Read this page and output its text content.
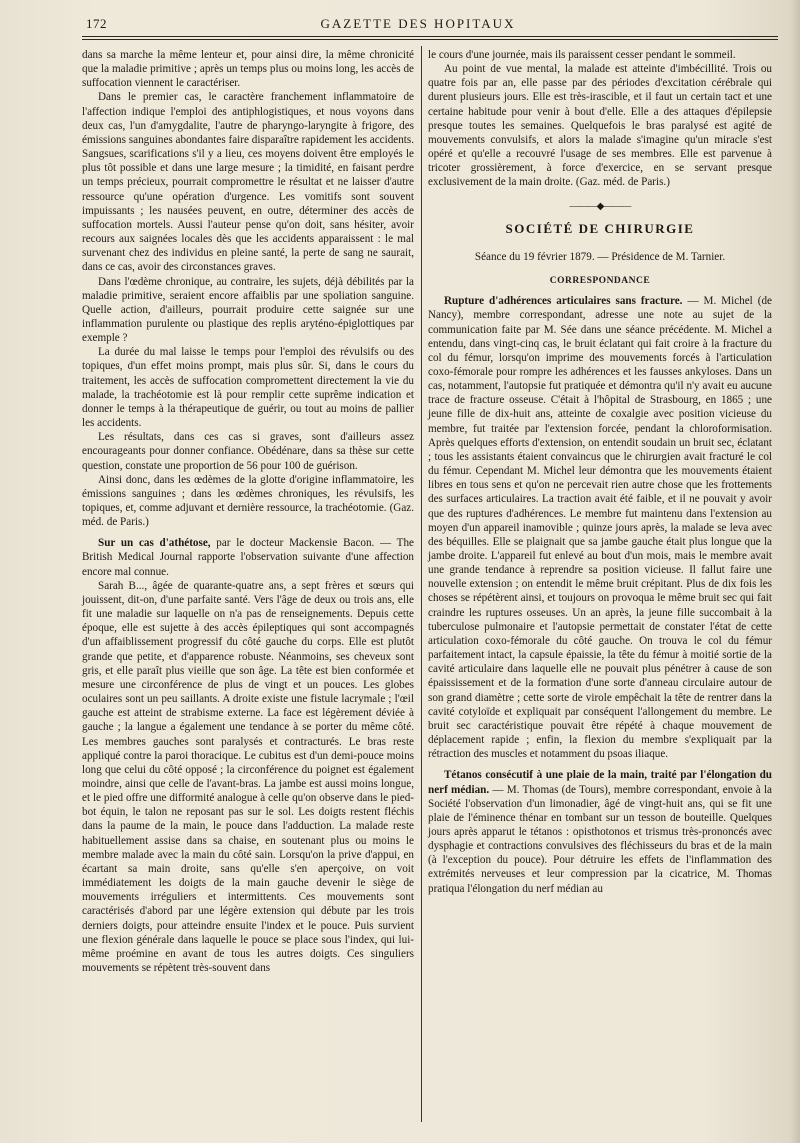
172	GAZETTE DES HOPITAUX

dans sa marche la même lenteur et, pour ainsi dire, la même chronicité que la maladie primitive ; après un temps plus ou moins long, les accès de suffocation viennent le caractériser.

Dans le premier cas, le caractère franchement inflammatoire de l'affection indique l'emploi des antiphlogistiques, et nous voyons dans deux cas, l'un d'amygdalite, l'autre de pharyngo-laryngite à frigore, des émissions sanguines abondantes faire disparaître rapidement les accidents. Sangsues, scarifications s'il y a lieu, ces moyens doivent être employés le plus tôt possible et dans une large mesure ; la timidité, en faisant perdre un temps précieux, pourrait compromettre le résultat et ne laisser d'autre ressource qu'une opération d'urgence. Les vomitifs sont souvent impuissants ; les nausées peuvent, en outre, déterminer des accès de suffocation mortels. Aussi l'auteur pense qu'on doit, sans hésiter, avoir recours aux saignées locales dès que les accidents apparaissent : le mal survenant chez des individus en pleine santé, la perte de sang ne saurait, dans ce cas, avoir des circonstances graves.

Dans l'œdème chronique, au contraire, les sujets, déjà débilités par la maladie primitive, seraient encore affaiblis par une spoliation sanguine. Quelle action, d'ailleurs, pourrait produire cette saignée sur une inflammation purulente ou plastique des replis aryténo-épiglottiques par exemple ?

La durée du mal laisse le temps pour l'emploi des révulsifs ou des topiques, d'un effet moins prompt, mais plus sûr. Si, dans le cours du traitement, les accès de suffocation compromettent directement la vie du malade, la trachéotomie est là pour remplir cette suprême indication et donner le temps à la thérapeutique de guérir, ou tout au moins de pallier les accidents.

Les résultats, dans ces cas si graves, sont d'ailleurs assez encourageants pour donner confiance. Obédénare, dans sa thèse sur cette question, constate une proportion de 56 pour 100 de guérison.

Ainsi donc, dans les œdèmes de la glotte d'origine inflammatoire, les émissions sanguines ; dans les œdèmes chroniques, les révulsifs, les topiques, et, comme adjuvant et dernière ressource, la trachéotomie. (Gaz. méd. de Paris.)

Sur un cas d'athétose, par le docteur Mackensie Bacon. — The British Medical Journal rapporte l'observation suivante d'une affection encore mal connue.

Sarah B..., âgée de quarante-quatre ans, a sept frères et sœurs qui jouissent, dit-on, d'une parfaite santé. Vers l'âge de deux ou trois ans, elle fit une maladie sur laquelle on n'a pas de renseignements. Depuis cette époque, elle est sujette à des accès épileptiques qui sont accompagnés d'un affaiblissement progressif du côté gauche du corps. Elle est plutôt grande que petite, et d'apparence robuste. Néanmoins, ses cheveux sont gris, et elle paraît plus vieille que son âge. La tête est bien conformée et mesure une circonférence de plus de vingt et un pouces. Les globes oculaires sont un peu saillants. A droite existe une fistule lacrymale ; l'œil gauche est atteint de strabisme externe. La face est légèrement déviée à gauche ; la langue a également une tendance à se porter du même côté. Les membres gauches sont paralysés et contracturés. Le bras reste appliqué contre la paroi thoracique. Le cubitus est d'un demi-pouce moins long que celui du côté opposé ; la circonférence du poignet est également moindre, ainsi que celle de l'avant-bras. La jambe est aussi moins longue, et le pied offre une difformité analogue à celle qu'on observe dans le pied-bot équin, le talon ne reposant pas sur le sol. Les doigts restent fléchis dans la paume de la main, le pouce dans l'adduction. La malade reste habituellement assise dans sa chaise, en soutenant plus ou moins le membre malade avec la main du côté sain. Lorsqu'on la prive d'appui, en écartant sa main droite, sans qu'elle s'en aperçoive, on voit immédiatement les doigts de la main gauche devenir le siège de mouvements irréguliers et intermittents. Ces mouvements sont caractérisés d'abord par une légère extension qui débute par les trois derniers doigts, pour atteindre ensuite l'index et le pouce. Puis survient une flexion générale dans laquelle le pouce se place sous l'index, qui lui-même proémine en avant de tous les autres doigts. Ces singuliers mouvements se répètent très-souvent dans

le cours d'une journée, mais ils paraissent cesser pendant le sommeil.

Au point de vue mental, la malade est atteinte d'imbécillité. Trois ou quatre fois par an, elle passe par des périodes d'excitation cérébrale qui durent plusieurs jours. Elle est très-irascible, et il faut un certain tact et une certaine habitude pour venir à bout d'elle. Elle a des attaques d'épilepsie presque toutes les semaines. Quelquefois le bras paralysé est agité de mouvements convulsifs, et alors la malade s'imagine qu'un miracle s'est opéré et qu'elle a recouvré l'usage de ses membres. Elle est parvenue à tricoter grossièrement, à force d'exercice, en se servant presque exclusivement de la main droite. (Gaz. méd. de Paris.)

———◆———
SOCIÉTÉ DE CHIRURGIE

Séance du 19 février 1879. — Présidence de M. Tarnier.

CORRESPONDANCE

Rupture d'adhérences articulaires sans fracture. — M. Michel (de Nancy), membre correspondant, adresse une note au sujet de la communication faite par M. Sée dans une séance précédente. M. Michel a entendu, dans vingt-cinq cas, le bruit éclatant qui fait croire à la fracture du col du fémur, lorsqu'on imprime des mouvements forcés à l'articulation coxo-fémorale pour rompre les adhérences et les fausses ankyloses. Dans un cas, notamment, l'autopsie fut pratiquée et démontra qu'il n'y avait eu aucune trace de fracture osseuse. C'était à l'hôpital de Strasbourg, en 1865 ; une jeune fille de dix-huit ans, atteinte de coxalgie avec position vicieuse du membre, fut traitée par l'extension forcée, pendant la chloroformisation. Après quelques efforts d'extension, on entendit soudain un bruit sec, éclatant ; tous les assistants étaient convaincus que le chirurgien avait fracturé le col du fémur. Cependant M. Michel leur démontra que les mouvements étaient libres en tous sens et qu'on ne percevait rien autre chose que les frottements des surfaces articulaires. La traction avait été faible, et il ne pouvait y avoir que des ruptures d'adhérences. Le membre fut maintenu dans l'extension au moyen d'un appareil inamovible ; quinze jours après, la malade se leva avec des béquilles. Elle se plaignait que sa jambe gauche était plus longue que la jambe droite. L'appareil fut enlevé au bout d'un mois, mais le membre avait une grande tendance à reprendre sa position vicieuse. Il fallut faire une nouvelle extension ; on entendit le même bruit crépitant. Plus de dix fois les choses se répétèrent ainsi, et toujours on provoqua le même bruit sec qui fait craindre les ruptures osseuses. Un an après, la jeune fille succombait à la tuberculose pulmonaire et l'autopsie permettait de constater l'état de cette articulation coxo-fémorale du côté gauche. On trouva le col du fémur parfaitement intact, la capsule épaissie, la tête du fémur à moitié sortie de la cavité articulaire dans laquelle elle ne pouvait plus pénétrer à cause de son épaississement et de la formation d'une sorte d'anneau circulaire autour de son grand diamètre ; cette sorte de virole empêchait la tête de rentrer dans la cavité cotyloïde et expliquait par conséquent l'allongement du membre. Le bruit sec caractéristique pouvait être répété à chaque mouvement de déplacement rapide ; enfin, la flexion du membre s'expliquait par la rétraction des muscles et notamment du psoas iliaque.

Tétanos consécutif à une plaie de la main, traité par l'élongation du nerf médian. — M. Thomas (de Tours), membre correspondant, envoie à la Société l'observation d'un limonadier, âgé de vingt-huit ans, qui se fit une plaie de l'éminence thénar en tombant sur un tesson de bouteille. Quelques jours après apparut le tétanos : opisthotonos et trismus très-prononcés avec dysphagie et contractions convulsives des fléchisseurs du bras et de la main (à l'exception du pouce). Pour détruire les effets de l'inflammation des extrémités nerveuses et leur compression par la cicatrice, M. Thomas pratiqua l'élongation du nerf médian au
